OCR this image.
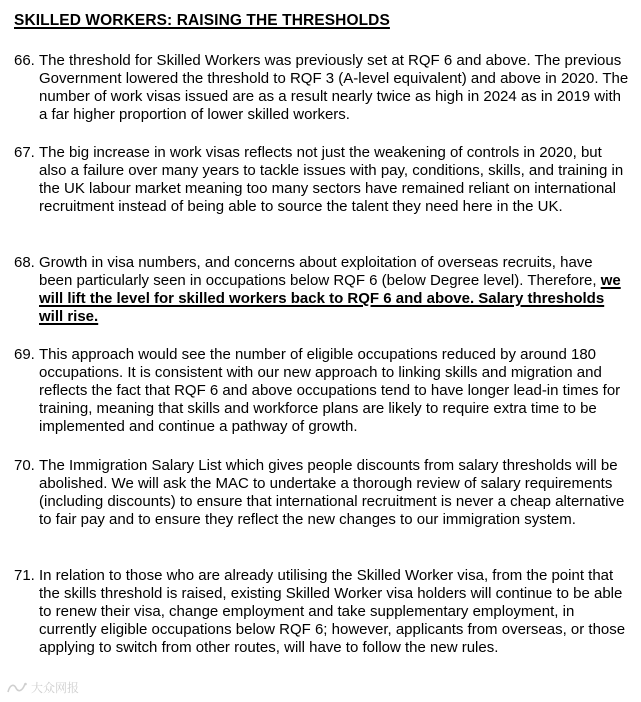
SKILLED WORKERS: RAISING THE THRESHOLDS
66. The threshold for Skilled Workers was previously set at RQF 6 and above. The previous Government lowered the threshold to RQF 3 (A-level equivalent) and above in 2020. The number of work visas issued are as a result nearly twice as high in 2024 as in 2019 with a far higher proportion of lower skilled workers.
67. The big increase in work visas reflects not just the weakening of controls in 2020, but also a failure over many years to tackle issues with pay, conditions, skills, and training in the UK labour market meaning too many sectors have remained reliant on international recruitment instead of being able to source the talent they need here in the UK.
68. Growth in visa numbers, and concerns about exploitation of overseas recruits, have been particularly seen in occupations below RQF 6 (below Degree level). Therefore, we will lift the level for skilled workers back to RQF 6 and above. Salary thresholds will rise.
69. This approach would see the number of eligible occupations reduced by around 180 occupations. It is consistent with our new approach to linking skills and migration and reflects the fact that RQF 6 and above occupations tend to have longer lead-in times for training, meaning that skills and workforce plans are likely to require extra time to be implemented and continue a pathway of growth.
70. The Immigration Salary List which gives people discounts from salary thresholds will be abolished. We will ask the MAC to undertake a thorough review of salary requirements (including discounts) to ensure that international recruitment is never a cheap alternative to fair pay and to ensure they reflect the new changes to our immigration system.
71. In relation to those who are already utilising the Skilled Worker visa, from the point that the skills threshold is raised, existing Skilled Worker visa holders will continue to be able to renew their visa, change employment and take supplementary employment, in currently eligible occupations below RQF 6; however, applicants from overseas, or those applying to switch from other routes, will have to follow the new rules.
大众网报
